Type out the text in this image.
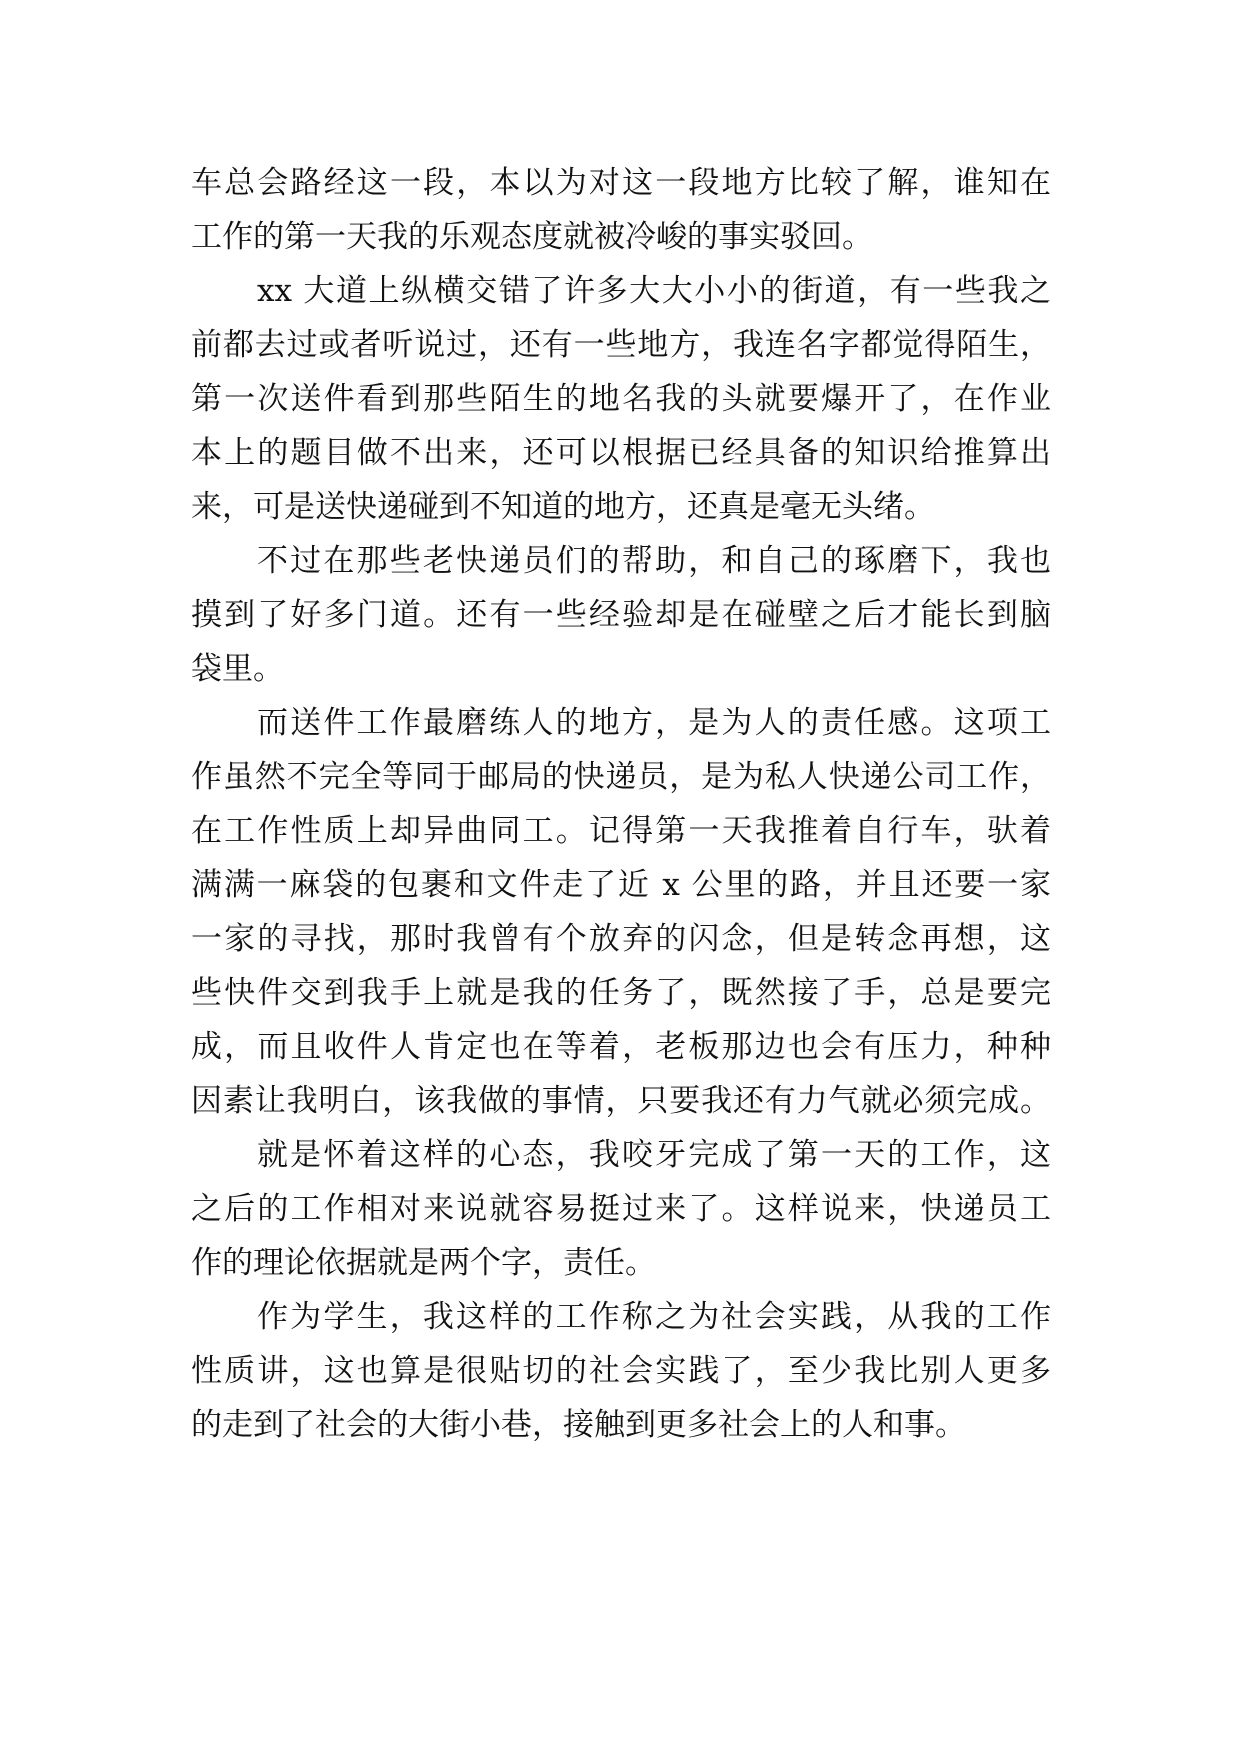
车总会路经这一段，本以为对这一段地方比较了解，谁知在
工作的第一天我的乐观态度就被冷峻的事实驳回。
xx 大道上纵横交错了许多大大小小的街道，有一些我之
前都去过或者听说过，还有一些地方，我连名字都觉得陌生，
第一次送件看到那些陌生的地名我的头就要爆开了，在作业
本上的题目做不出来，还可以根据已经具备的知识给推算出
来，可是送快递碰到不知道的地方，还真是毫无头绪。
不过在那些老快递员们的帮助，和自己的琢磨下，我也
摸到了好多门道。还有一些经验却是在碰壁之后才能长到脑
袋里。
而送件工作最磨练人的地方，是为人的责任感。这项工
作虽然不完全等同于邮局的快递员，是为私人快递公司工作，
在工作性质上却异曲同工。记得第一天我推着自行车，驮着
满满一麻袋的包裹和文件走了近 x 公里的路，并且还要一家
一家的寻找，那时我曾有个放弃的闪念，但是转念再想，这
些快件交到我手上就是我的任务了，既然接了手，总是要完
成，而且收件人肯定也在等着，老板那边也会有压力，种种
因素让我明白，该我做的事情，只要我还有力气就必须完成。
就是怀着这样的心态，我咬牙完成了第一天的工作，这
之后的工作相对来说就容易挺过来了。这样说来，快递员工
作的理论依据就是两个字，责任。
作为学生，我这样的工作称之为社会实践，从我的工作
性质讲，这也算是很贴切的社会实践了，至少我比别人更多
的走到了社会的大街小巷，接触到更多社会上的人和事。
